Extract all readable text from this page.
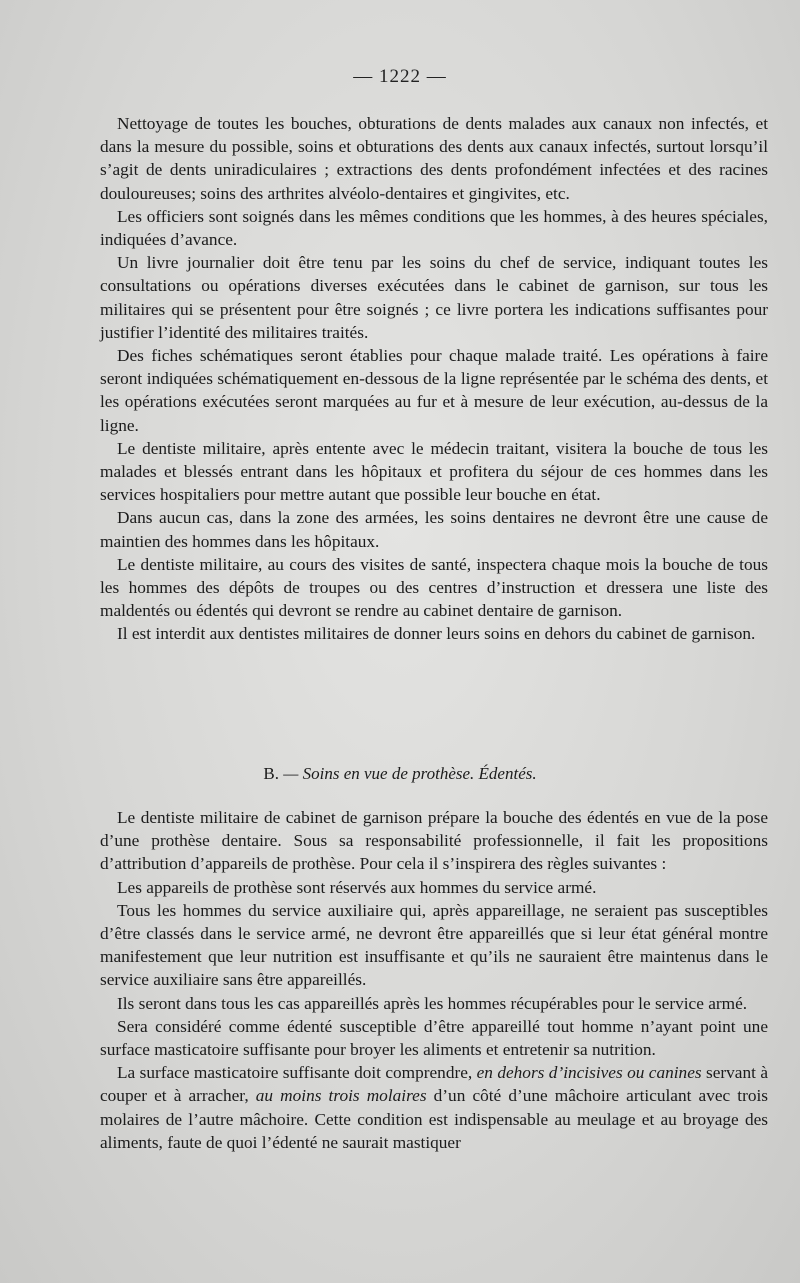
— 1222 —

Nettoyage de toutes les bouches, obturations de dents malades aux canaux non infectés, et dans la mesure du possible, soins et obturations des dents aux canaux infectés, surtout lorsqu’il s’agit de dents uniradiculaires ; extractions des dents profondément infectées et des racines douloureuses; soins des arthrites alvéolo-dentaires et gingivites, etc.

Les officiers sont soignés dans les mêmes conditions que les hommes, à des heures spéciales, indiquées d’avance.

Un livre journalier doit être tenu par les soins du chef de service, indiquant toutes les consultations ou opérations diverses exécutées dans le cabinet de garnison, sur tous les militaires qui se présentent pour être soignés ; ce livre portera les indications suffisantes pour justifier l’identité des militaires traités.

Des fiches schématiques seront établies pour chaque malade traité. Les opérations à faire seront indiquées schématiquement en-dessous de la ligne représentée par le schéma des dents, et les opérations exécutées seront marquées au fur et à mesure de leur exécution, au-dessus de la ligne.

Le dentiste militaire, après entente avec le médecin traitant, visitera la bouche de tous les malades et blessés entrant dans les hôpitaux et profitera du séjour de ces hommes dans les services hospitaliers pour mettre autant que possible leur bouche en état.

Dans aucun cas, dans la zone des armées, les soins dentaires ne devront être une cause de maintien des hommes dans les hôpitaux.

Le dentiste militaire, au cours des visites de santé, inspectera chaque mois la bouche de tous les hommes des dépôts de troupes ou des centres d’instruction et dressera une liste des maldentés ou édentés qui devront se rendre au cabinet dentaire de garnison.

Il est interdit aux dentistes militaires de donner leurs soins en dehors du cabinet de garnison.

B. — Soins en vue de prothèse. Édentés.

Le dentiste militaire de cabinet de garnison prépare la bouche des édentés en vue de la pose d’une prothèse dentaire. Sous sa responsabilité professionnelle, il fait les propositions d’attribution d’appareils de prothèse. Pour cela il s’inspirera des règles suivantes :

Les appareils de prothèse sont réservés aux hommes du service armé.

Tous les hommes du service auxiliaire qui, après appareillage, ne seraient pas susceptibles d’être classés dans le service armé, ne devront être appareillés que si leur état général montre manifestement que leur nutrition est insuffisante et qu’ils ne sauraient être maintenus dans le service auxiliaire sans être appareillés.

Ils seront dans tous les cas appareillés après les hommes récupérables pour le service armé.

Sera considéré comme édenté susceptible d’être appareillé tout homme n’ayant point une surface masticatoire suffisante pour broyer les aliments et entretenir sa nutrition.

La surface masticatoire suffisante doit comprendre, en dehors d’incisives ou canines servant à couper et à arracher, au moins trois molaires d’un côté d’une mâchoire articulant avec trois molaires de l’autre mâchoire. Cette condition est indispensable au meulage et au broyage des aliments, faute de quoi l’édenté ne saurait mastiquer
